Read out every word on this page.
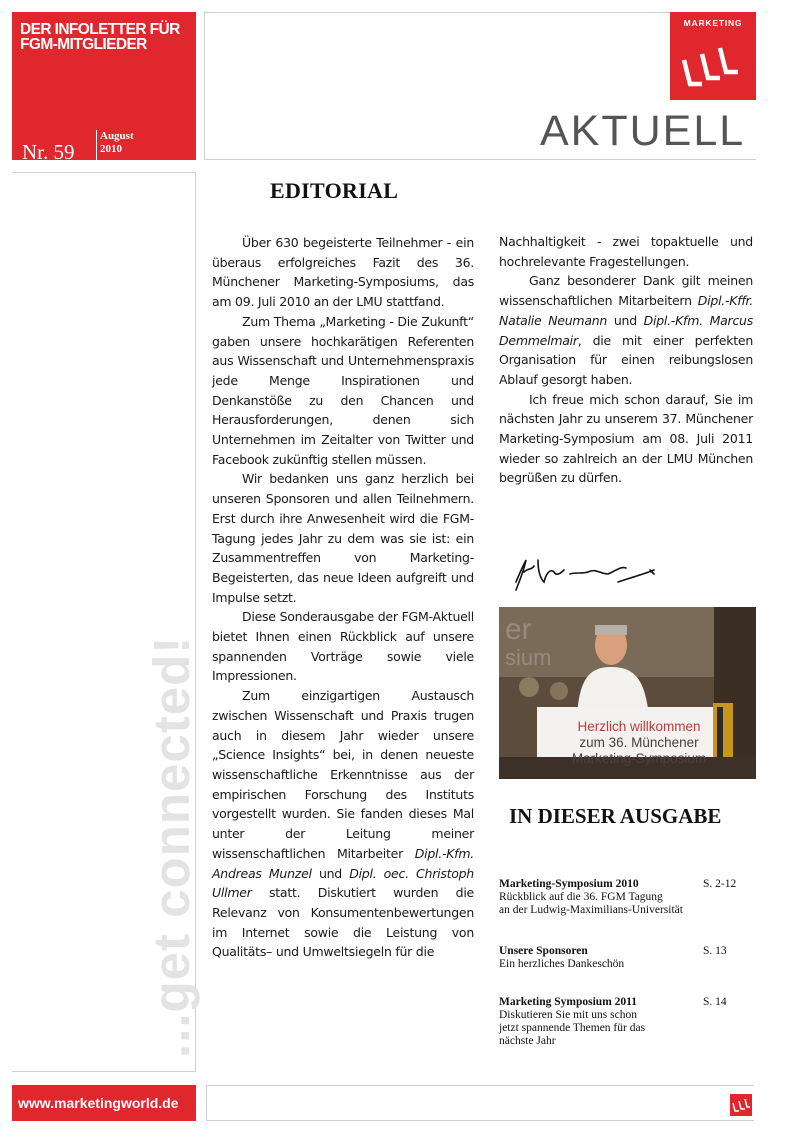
DER INFOLETTER FÜR
FGM-MITGLIEDER
Nr. 59
August
2010
MARKETING
AKTUELL
...get connected!
EDITORIAL

Über 630 begeisterte Teilnehmer - ein überaus erfolgreiches Fazit des 36. Münchener Marketing-Symposiums, das am 09. Juli 2010 an der LMU stattfand.

Zum Thema „Marketing - Die Zukunft“ gaben unsere hochkarätigen Referenten aus Wissenschaft und Unternehmenspraxis jede Menge Inspirationen und Denkanstöße zu den Chancen und Herausforderungen, denen sich Unternehmen im Zeitalter von Twitter und Facebook zukünftig stellen müssen.

Wir bedanken uns ganz herzlich bei unseren Sponsoren und allen Teilnehmern. Erst durch ihre Anwesenheit wird die FGM-Tagung jedes Jahr zu dem was sie ist: ein Zusammentreffen von Marketing-Begeisterten, das neue Ideen aufgreift und Impulse setzt.

Diese Sonderausgabe der FGM-Aktuell bietet Ihnen einen Rückblick auf unsere spannenden Vorträge sowie viele Impressionen.

Zum einzigartigen Austausch zwischen Wissenschaft und Praxis trugen auch in diesem Jahr wieder unsere „Science Insights“ bei, in denen neueste wissenschaftliche Erkenntnisse aus der empirischen Forschung des Instituts vorgestellt wurden. Sie fanden dieses Mal unter der Leitung meiner wissenschaftlichen Mitarbeiter Dipl.-Kfm. Andreas Munzel und Dipl. oec. Christoph Ullmer statt. Diskutiert wurden die Relevanz von Konsumentenbewertungen im Internet sowie die Leistung von Qualitäts– und Umweltsiegeln für die

Nachhaltigkeit - zwei topaktuelle und hochrelevante Fragestellungen.

Ganz besonderer Dank gilt meinen wissenschaftlichen Mitarbeitern Dipl.-Kffr. Natalie Neumann und Dipl.-Kfm. Marcus Demmelmair, die mit einer perfekten Organisation für einen reibungslosen Ablauf gesorgt haben.

Ich freue mich schon darauf, Sie im nächsten Jahr zu unserem 37. Münchener Marketing-Symposium am 08. Juli 2011 wieder so zahlreich an der LMU München begrüßen zu dürfen.

er
sium
Herzlich willkommen
zum 36. Münchener
Marketing-Symposium
IN DIESER AUSGABE
Marketing-Symposium 2010
Rückblick auf die 36. FGM Tagung
an der Ludwig-Maximilians-Universität
S. 2-12
Unsere Sponsoren
Ein herzliches Dankeschön
S. 13
Marketing Symposium 2011
Diskutieren Sie mit uns schon
jetzt spannende Themen für das
nächste Jahr
S. 14
www.marketingworld.de
